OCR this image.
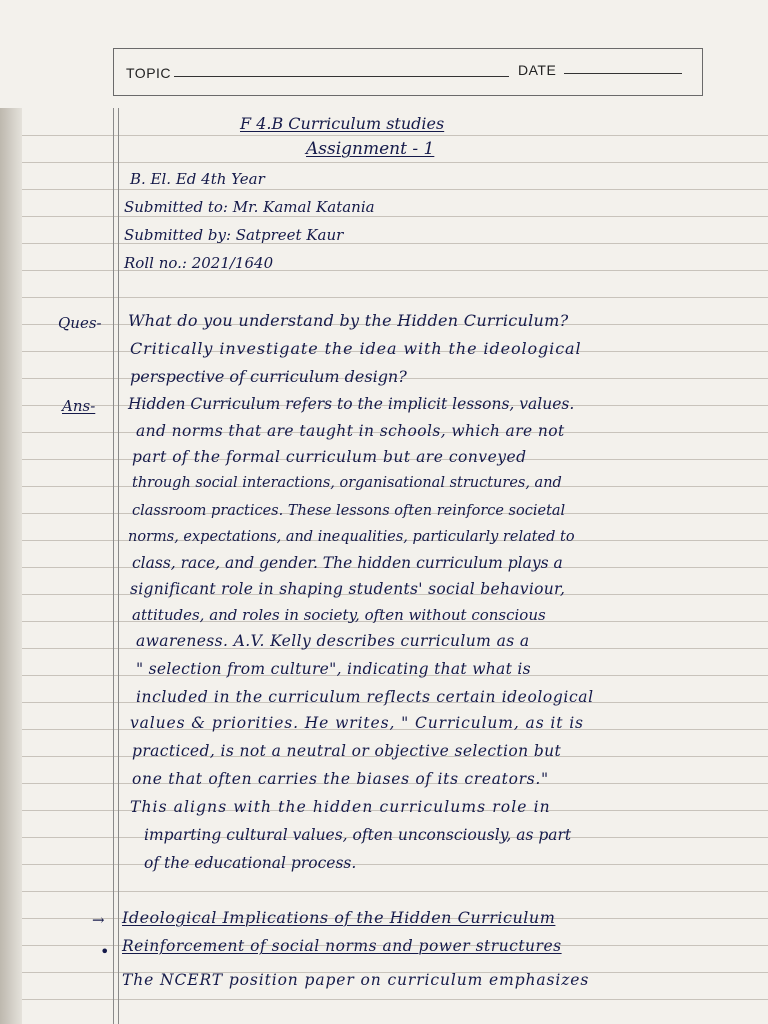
TOPIC	DATE
F 4.B Curriculum studies
Assignment - 1
B. El. Ed 4th Year
Submitted to: Mr. Kamal Katania
Submitted by: Satpreet Kaur
Roll no.: 2021/1640
Ques- What do you understand by the Hidden Curriculum?
Critically investigate the idea with the ideological
perspective of curriculum design?
Ans- Hidden Curriculum refers to the implicit lessons, values.
and norms that are taught in schools, which are not
part of the formal curriculum but are conveyed
through social interactions, organisational structures, and
classroom practices. These lessons often reinforce societal
norms, expectations, and inequalities, particularly related to
class, race, and gender. The hidden curriculum plays a
significant role in shaping students' social behaviour,
attitudes, and roles in society, often without conscious
awareness. A.V. Kelly describes curriculum as a
" selection from culture", indicating that what is
included in the curriculum reflects certain ideological
values & priorities. He writes, " Curriculum, as it is
practiced, is not a neutral or objective selection but
one that often carries the biases of its creators."
This aligns with the hidden curriculums role in
imparting cultural values, often unconsciously, as part
of the educational process.
→ Ideological Implications of the Hidden Curriculum
• Reinforcement of social norms and power structures
The NCERT position paper on curriculum emphasizes
